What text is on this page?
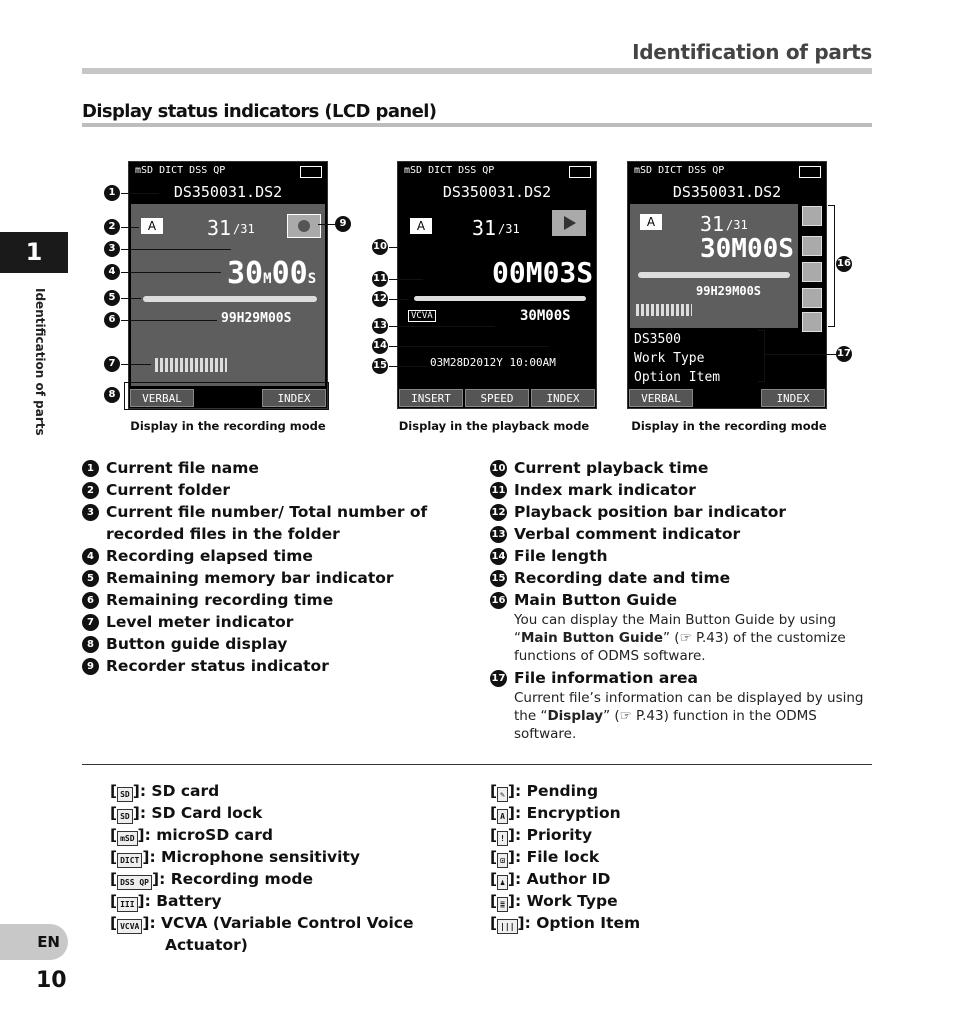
Identification of parts
Display status indicators (LCD panel)
1
Identification of parts
EN
10
mSD DICT DSS QP
DS350031.DS2
A	31 /31
30M00S
99H29M00S
VERBAL	INDEX
mSD DICT DSS QP
DS350031.DS2
A	31 /31
00M03S
VCVA	30M00S
03M28D2012Y 10:00AM
INSERT	SPEED	INDEX
mSD DICT DSS QP
DS350031.DS2
A	31 /31
30M00S
99H29M00S
DS3500
Work Type
Option Item
VERBAL	INDEX
1
2
3
4
5
6
7
8
9
10
11
12
13
14
15
16
17
Display in the recording mode	Display in the playback mode	Display in the recording mode
1 Current file name
2 Current folder
3 Current file number/ Total number of recorded files in the folder
4 Recording elapsed time
5 Remaining memory bar indicator
6 Remaining recording time
7 Level meter indicator
8 Button guide display
9 Recorder status indicator
10 Current playback time
11 Index mark indicator
12 Playback position bar indicator
13 Verbal comment indicator
14 File length
15 Recording date and time
16 Main Button Guide
You can display the Main Button Guide by using “Main Button Guide” (☞ P.43) of the customize functions of ODMS software.
17 File information area
Current file’s information can be displayed by using the “Display” (☞ P.43) function in the ODMS software.
[ SD ]: SD card
[ SD ]: SD Card lock
[ mSD ]: microSD card
[ DICT ]: Microphone sensitivity
[ DSS QP ]: Recording mode
[ III ]: Battery
[ VCVA ]: VCVA (Variable Control Voice
Actuator)
[ ✎ ]: Pending
[ A ]: Encryption
[ ! ]: Priority
[ ⊡ ]: File lock
[ ♟ ]: Author ID
[ ≣ ]: Work Type
[ ||| ]: Option Item
